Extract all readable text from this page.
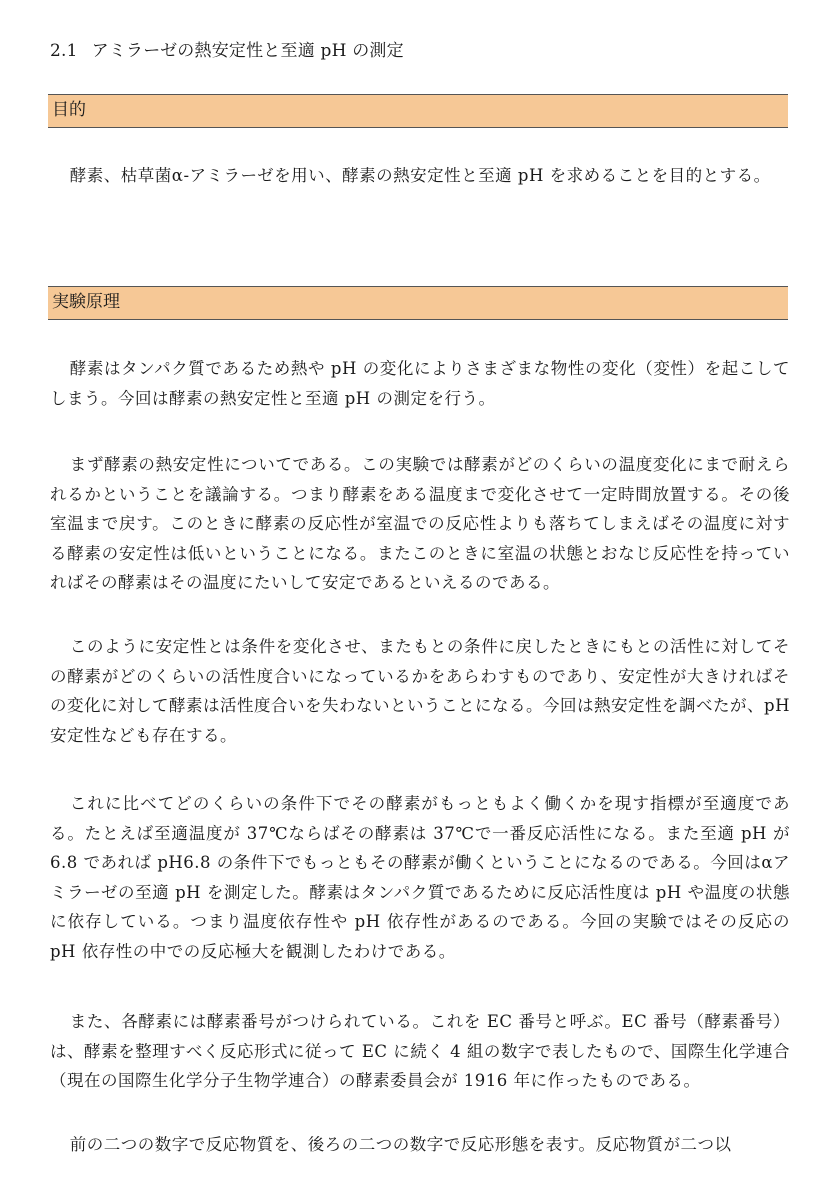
2.1 アミラーゼの熱安定性と至適 pH の測定
目的

酵素、枯草菌α-アミラーゼを用い、酵素の熱安定性と至適 pH を求めることを目的とする。

実験原理

酵素はタンパク質であるため熱や pH の変化によりさまざまな物性の変化（変性）を起こしてしまう。今回は酵素の熱安定性と至適 pH の測定を行う。

まず酵素の熱安定性についてである。この実験では酵素がどのくらいの温度変化にまで耐えられるかということを議論する。つまり酵素をある温度まで変化させて一定時間放置する。その後室温まで戻す。このときに酵素の反応性が室温での反応性よりも落ちてしまえばその温度に対する酵素の安定性は低いということになる。またこのときに室温の状態とおなじ反応性を持っていればその酵素はその温度にたいして安定であるといえるのである。

このように安定性とは条件を変化させ、またもとの条件に戻したときにもとの活性に対してその酵素がどのくらいの活性度合いになっているかをあらわすものであり、安定性が大きければその変化に対して酵素は活性度合いを失わないということになる。今回は熱安定性を調べたが、pH 安定性なども存在する。

これに比べてどのくらいの条件下でその酵素がもっともよく働くかを現す指標が至適度である。たとえば至適温度が 37℃ならばその酵素は 37℃で一番反応活性になる。また至適 pH が 6.8 であれば pH6.8 の条件下でもっともその酵素が働くということになるのである。今回はαアミラーゼの至適 pH を測定した。酵素はタンパク質であるために反応活性度は pH や温度の状態に依存している。つまり温度依存性や pH 依存性があるのである。今回の実験ではその反応の pH 依存性の中での反応極大を観測したわけである。

また、各酵素には酵素番号がつけられている。これを EC 番号と呼ぶ。EC 番号（酵素番号）は、酵素を整理すべく反応形式に従って EC に続く 4 組の数字で表したもので、国際生化学連合（現在の国際生化学分子生物学連合）の酵素委員会が 1916 年に作ったものである。

前の二つの数字で反応物質を、後ろの二つの数字で反応形態を表す。反応物質が二つ以
